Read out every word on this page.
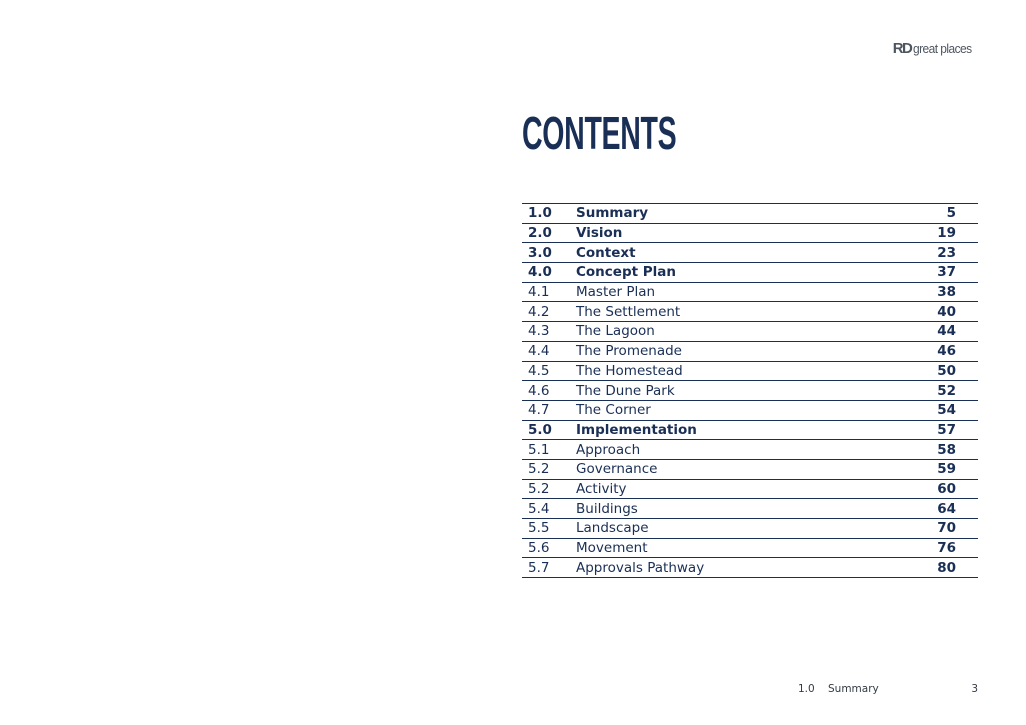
RD great places
CONTENTS
1.0	Summary	5
2.0	Vision	19
3.0	Context	23
4.0	Concept Plan	37
4.1	Master Plan	38
4.2	The Settlement	40
4.3	The Lagoon	44
4.4	The Promenade	46
4.5	The Homestead	50
4.6	The Dune Park	52
4.7	The Corner	54
5.0	Implementation	57
5.1	Approach	58
5.2	Governance	59
5.2	Activity	60
5.4	Buildings	64
5.5	Landscape	70
5.6	Movement	76
5.7	Approvals Pathway	80
1.0	Summary	3
